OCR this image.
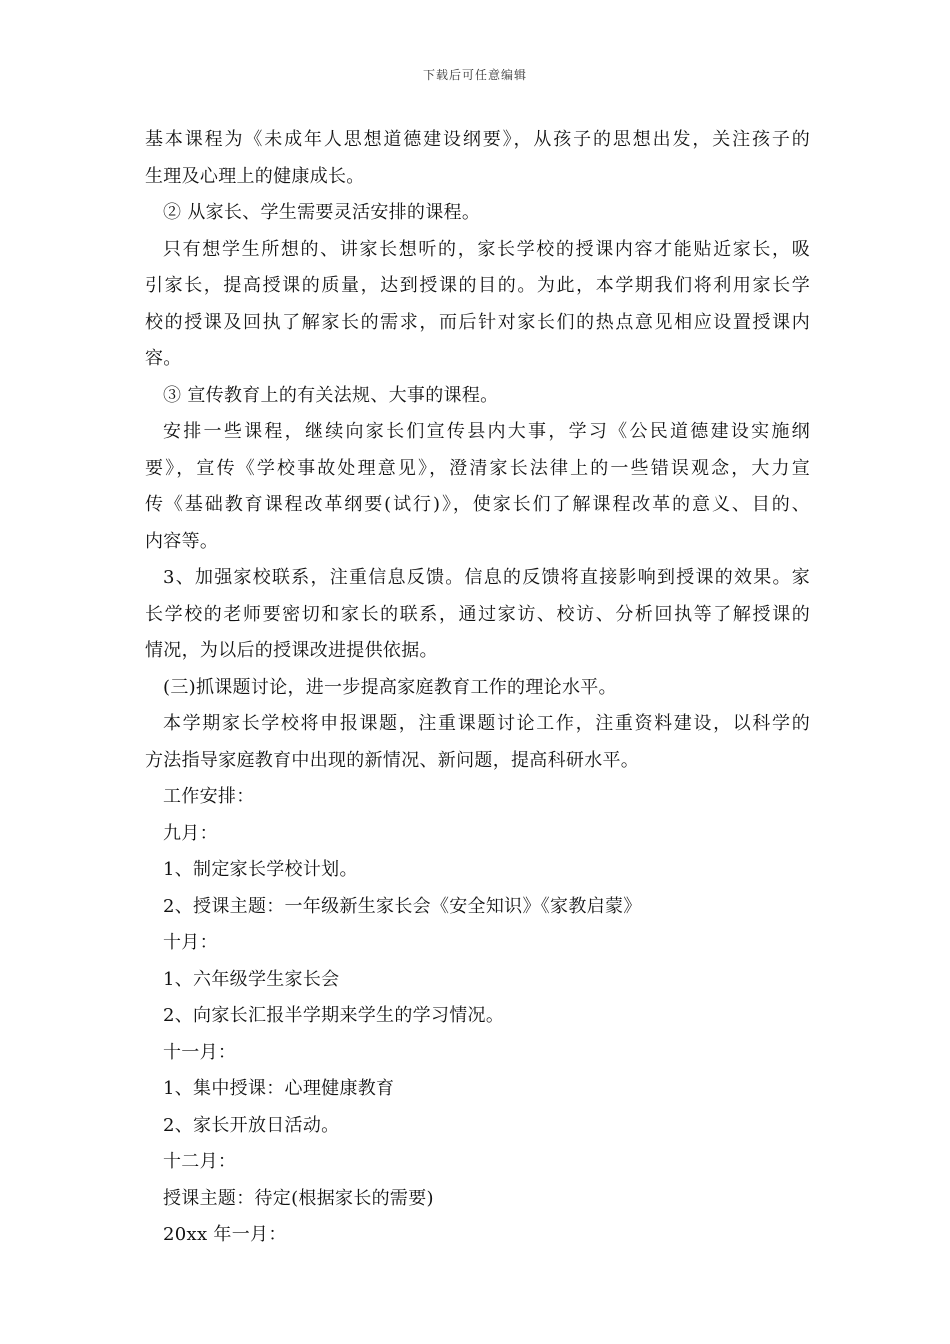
下载后可任意编辑
基本课程为《未成年人思想道德建设纲要》，从孩子的思想出发，关注孩子的
生理及心理上的健康成长。
② 从家长、学生需要灵活安排的课程。
只有想学生所想的、讲家长想听的，家长学校的授课内容才能贴近家长，吸
引家长，提高授课的质量，达到授课的目的。为此，本学期我们将利用家长学
校的授课及回执了解家长的需求，而后针对家长们的热点意见相应设置授课内
容。
③ 宣传教育上的有关法规、大事的课程。
安排一些课程，继续向家长们宣传县内大事，学习《公民道德建设实施纲
要》，宣传《学校事故处理意见》，澄清家长法律上的一些错误观念，大力宣
传《基础教育课程改革纲要(试行)》，使家长们了解课程改革的意义、目的、
内容等。
3、加强家校联系，注重信息反馈。信息的反馈将直接影响到授课的效果。家
长学校的老师要密切和家长的联系，通过家访、校访、分析回执等了解授课的
情况，为以后的授课改进提供依据。
(三)抓课题讨论，进一步提高家庭教育工作的理论水平。
本学期家长学校将申报课题，注重课题讨论工作，注重资料建设，以科学的
方法指导家庭教育中出现的新情况、新问题，提高科研水平。
工作安排：
九月：
1、制定家长学校计划。
2、授课主题：一年级新生家长会《安全知识》《家教启蒙》
十月：
1、六年级学生家长会
2、向家长汇报半学期来学生的学习情况。
十一月：
1、集中授课：心理健康教育
2、家长开放日活动。
十二月：
授课主题：待定(根据家长的需要)
20xx 年一月：
